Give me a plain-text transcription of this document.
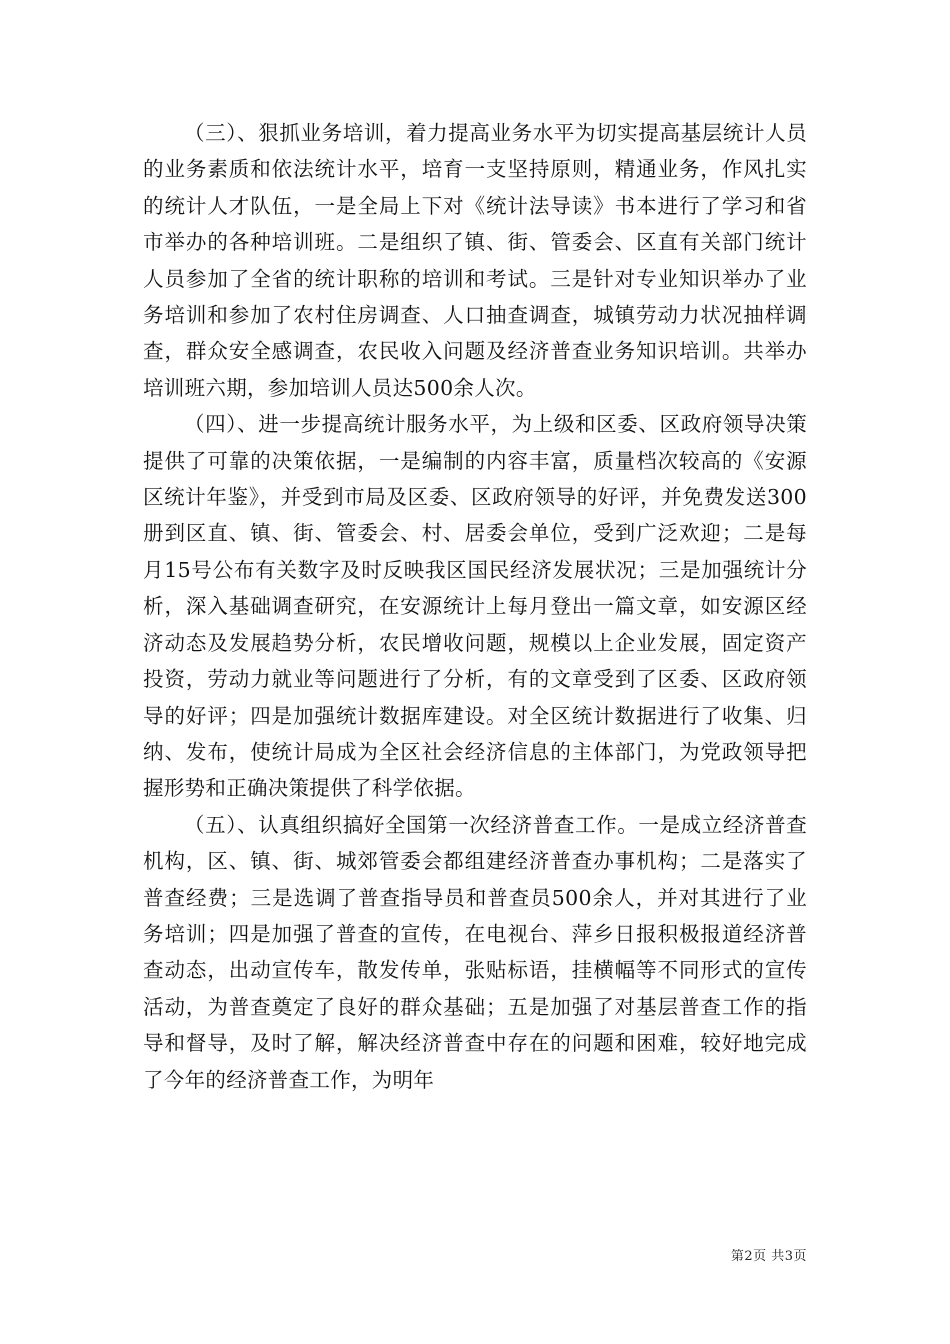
（三）、狠抓业务培训，着力提高业务水平为切实提高基层统计人员的业务素质和依法统计水平，培育一支坚持原则，精通业务，作风扎实的统计人才队伍，一是全局上下对《统计法导读》书本进行了学习和省市举办的各种培训班。二是组织了镇、街、管委会、区直有关部门统计人员参加了全省的统计职称的培训和考试。三是针对专业知识举办了业务培训和参加了农村住房调查、人口抽查调查，城镇劳动力状况抽样调查，群众安全感调查，农民收入问题及经济普查业务知识培训。共举办培训班六期，参加培训人员达500余人次。

（四）、进一步提高统计服务水平，为上级和区委、区政府领导决策提供了可靠的决策依据，一是编制的内容丰富，质量档次较高的《安源区统计年鉴》，并受到市局及区委、区政府领导的好评，并免费发送300册到区直、镇、街、管委会、村、居委会单位，受到广泛欢迎；二是每月15号公布有关数字及时反映我区国民经济发展状况；三是加强统计分析，深入基础调查研究，在安源统计上每月登出一篇文章，如安源区经济动态及发展趋势分析，农民增收问题，规模以上企业发展，固定资产投资，劳动力就业等问题进行了分析，有的文章受到了区委、区政府领导的好评；四是加强统计数据库建设。对全区统计数据进行了收集、归纳、发布，使统计局成为全区社会经济信息的主体部门，为党政领导把握形势和正确决策提供了科学依据。

（五）、认真组织搞好全国第一次经济普查工作。一是成立经济普查机构，区、镇、街、城郊管委会都组建经济普查办事机构；二是落实了普查经费；三是选调了普查指导员和普查员500余人，并对其进行了业务培训；四是加强了普查的宣传，在电视台、萍乡日报积极报道经济普查动态，出动宣传车，散发传单，张贴标语，挂横幅等不同形式的宣传活动，为普查奠定了良好的群众基础；五是加强了对基层普查工作的指导和督导，及时了解，解决经济普查中存在的问题和困难，较好地完成了今年的经济普查工作，为明年

第2页 共3页
